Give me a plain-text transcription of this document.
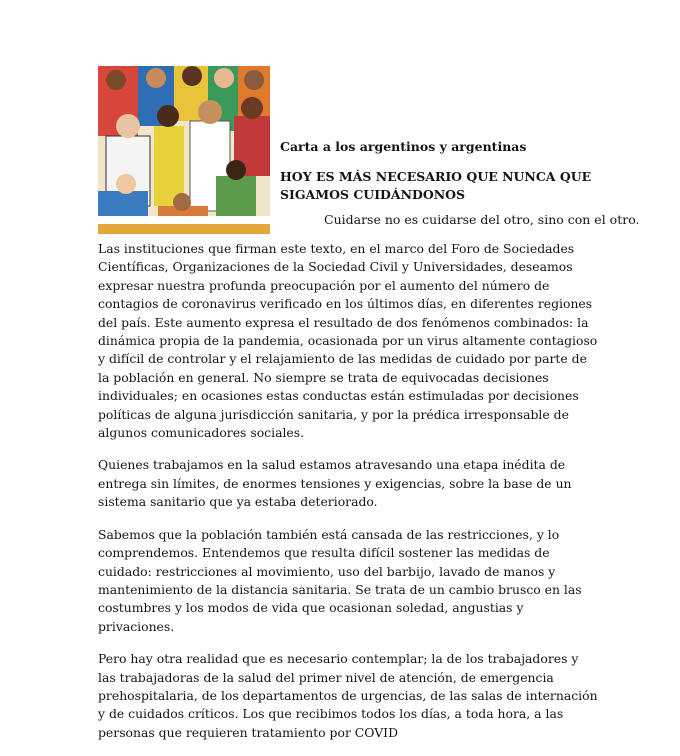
Carta a los argentinos y argentinas
HOY ES MÁS NECESARIO QUE NUNCA QUE SIGAMOS CUIDÁNDONOS

Cuidarse no es cuidarse del otro, sino con el otro.

Las instituciones que firman este texto, en el marco del Foro de Sociedades Científicas, Organizaciones de la Sociedad Civil y Universidades, deseamos expresar nuestra profunda preocupación por el aumento del número de contagios de coronavirus verificado en los últimos días, en diferentes regiones del país. Este aumento expresa el resultado de dos fenómenos combinados: la dinámica propia de la pandemia, ocasionada por un virus altamente contagioso y difícil de controlar y el relajamiento de las medidas de cuidado por parte de la población en general. No siempre se trata de equivocadas decisiones individuales; en ocasiones estas conductas están estimuladas por decisiones políticas de alguna jurisdicción sanitaria, y por la prédica irresponsable de algunos comunicadores sociales.

Quienes trabajamos en la salud estamos atravesando una etapa inédita de entrega sin límites, de enormes tensiones y exigencias, sobre la base de un sistema sanitario que ya estaba deteriorado.

Sabemos que la población también está cansada de las restricciones, y lo comprendemos. Entendemos que resulta difícil sostener las medidas de cuidado: restricciones al movimiento, uso del barbijo, lavado de manos y mantenimiento de la distancia sanitaria. Se trata de un cambio brusco en las costumbres y los modos de vida que ocasionan soledad, angustias y privaciones.

Pero hay otra realidad que es necesario contemplar; la de los trabajadores y las trabajadoras de la salud del primer nivel de atención, de emergencia prehospitalaria, de los departamentos de urgencias, de las salas de internación y de cuidados críticos. Los que recibimos todos los días, a toda hora, a las personas que requieren tratamiento por COVID
